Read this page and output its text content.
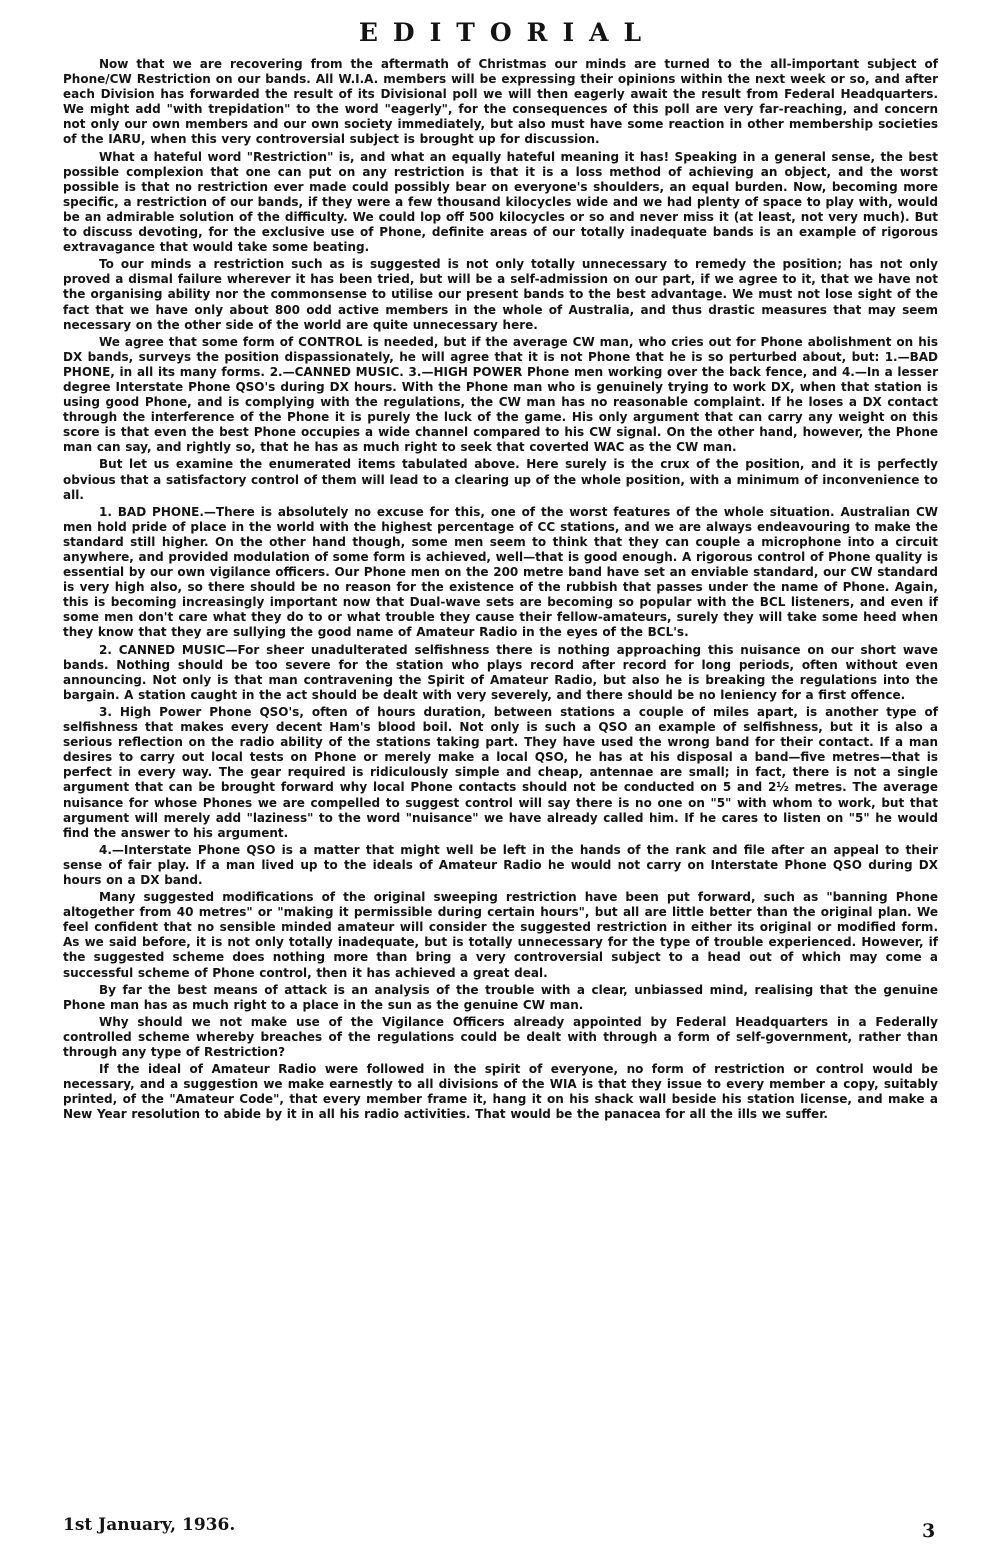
EDITORIAL

Now that we are recovering from the aftermath of Christmas our minds are turned to the all-important subject of Phone/CW Restriction on our bands. All W.I.A. members will be expressing their opinions within the next week or so, and after each Division has forwarded the result of its Divisional poll we will then eagerly await the result from Federal Headquarters. We might add "with trepidation" to the word "eagerly", for the consequences of this poll are very far-reaching, and concern not only our own members and our own society immediately, but also must have some reaction in other membership societies of the IARU, when this very controversial subject is brought up for discussion.

What a hateful word "Restriction" is, and what an equally hateful meaning it has! Speaking in a general sense, the best possible complexion that one can put on any restriction is that it is a loss method of achieving an object, and the worst possible is that no restriction ever made could possibly bear on everyone's shoulders, an equal burden. Now, becoming more specific, a restriction of our bands, if they were a few thousand kilocycles wide and we had plenty of space to play with, would be an admirable solution of the difficulty. We could lop off 500 kilocycles or so and never miss it (at least, not very much). But to discuss devoting, for the exclusive use of Phone, definite areas of our totally inadequate bands is an example of rigorous extravagance that would take some beating.

To our minds a restriction such as is suggested is not only totally unnecessary to remedy the position; has not only proved a dismal failure wherever it has been tried, but will be a self-admission on our part, if we agree to it, that we have not the organising ability nor the commonsense to utilise our present bands to the best advantage. We must not lose sight of the fact that we have only about 800 odd active members in the whole of Australia, and thus drastic measures that may seem necessary on the other side of the world are quite unnecessary here.

We agree that some form of CONTROL is needed, but if the average CW man, who cries out for Phone abolishment on his DX bands, surveys the position dispassionately, he will agree that it is not Phone that he is so perturbed about, but: 1.—BAD PHONE, in all its many forms. 2.—CANNED MUSIC. 3.—HIGH POWER Phone men working over the back fence, and 4.—In a lesser degree Interstate Phone QSO's during DX hours. With the Phone man who is genuinely trying to work DX, when that station is using good Phone, and is complying with the regulations, the CW man has no reasonable complaint. If he loses a DX contact through the interference of the Phone it is purely the luck of the game. His only argument that can carry any weight on this score is that even the best Phone occupies a wide channel compared to his CW signal. On the other hand, however, the Phone man can say, and rightly so, that he has as much right to seek that coverted WAC as the CW man.

But let us examine the enumerated items tabulated above. Here surely is the crux of the position, and it is perfectly obvious that a satisfactory control of them will lead to a clearing up of the whole position, with a minimum of inconvenience to all.

1. BAD PHONE.—There is absolutely no excuse for this, one of the worst features of the whole situation. Australian CW men hold pride of place in the world with the highest percentage of CC stations, and we are always endeavouring to make the standard still higher. On the other hand though, some men seem to think that they can couple a microphone into a circuit anywhere, and provided modulation of some form is achieved, well—that is good enough. A rigorous control of Phone quality is essential by our own vigilance officers. Our Phone men on the 200 metre band have set an enviable standard, our CW standard is very high also, so there should be no reason for the existence of the rubbish that passes under the name of Phone. Again, this is becoming increasingly important now that Dual-wave sets are becoming so popular with the BCL listeners, and even if some men don't care what they do to or what trouble they cause their fellow-amateurs, surely they will take some heed when they know that they are sullying the good name of Amateur Radio in the eyes of the BCL's.

2. CANNED MUSIC—For sheer unadulterated selfishness there is nothing approaching this nuisance on our short wave bands. Nothing should be too severe for the station who plays record after record for long periods, often without even announcing. Not only is that man contravening the Spirit of Amateur Radio, but also he is breaking the regulations into the bargain. A station caught in the act should be dealt with very severely, and there should be no leniency for a first offence.

3. High Power Phone QSO's, often of hours duration, between stations a couple of miles apart, is another type of selfishness that makes every decent Ham's blood boil. Not only is such a QSO an example of selfishness, but it is also a serious reflection on the radio ability of the stations taking part. They have used the wrong band for their contact. If a man desires to carry out local tests on Phone or merely make a local QSO, he has at his disposal a band—five metres—that is perfect in every way. The gear required is ridiculously simple and cheap, antennae are small; in fact, there is not a single argument that can be brought forward why local Phone contacts should not be conducted on 5 and 2½ metres. The average nuisance for whose Phones we are compelled to suggest control will say there is no one on "5" with whom to work, but that argument will merely add "laziness" to the word "nuisance" we have already called him. If he cares to listen on "5" he would find the answer to his argument.

4.—Interstate Phone QSO is a matter that might well be left in the hands of the rank and file after an appeal to their sense of fair play. If a man lived up to the ideals of Amateur Radio he would not carry on Interstate Phone QSO during DX hours on a DX band.

Many suggested modifications of the original sweeping restriction have been put forward, such as "banning Phone altogether from 40 metres" or "making it permissible during certain hours", but all are little better than the original plan. We feel confident that no sensible minded amateur will consider the suggested restriction in either its original or modified form. As we said before, it is not only totally inadequate, but is totally unnecessary for the type of trouble experienced. However, if the suggested scheme does nothing more than bring a very controversial subject to a head out of which may come a successful scheme of Phone control, then it has achieved a great deal.

By far the best means of attack is an analysis of the trouble with a clear, unbiassed mind, realising that the genuine Phone man has as much right to a place in the sun as the genuine CW man.

Why should we not make use of the Vigilance Officers already appointed by Federal Headquarters in a Federally controlled scheme whereby breaches of the regulations could be dealt with through a form of self-government, rather than through any type of Restriction?

If the ideal of Amateur Radio were followed in the spirit of everyone, no form of restriction or control would be necessary, and a suggestion we make earnestly to all divisions of the WIA is that they issue to every member a copy, suitably printed, of the "Amateur Code", that every member frame it, hang it on his shack wall beside his station license, and make a New Year resolution to abide by it in all his radio activities. That would be the panacea for all the ills we suffer.

1st January, 1936.	3
